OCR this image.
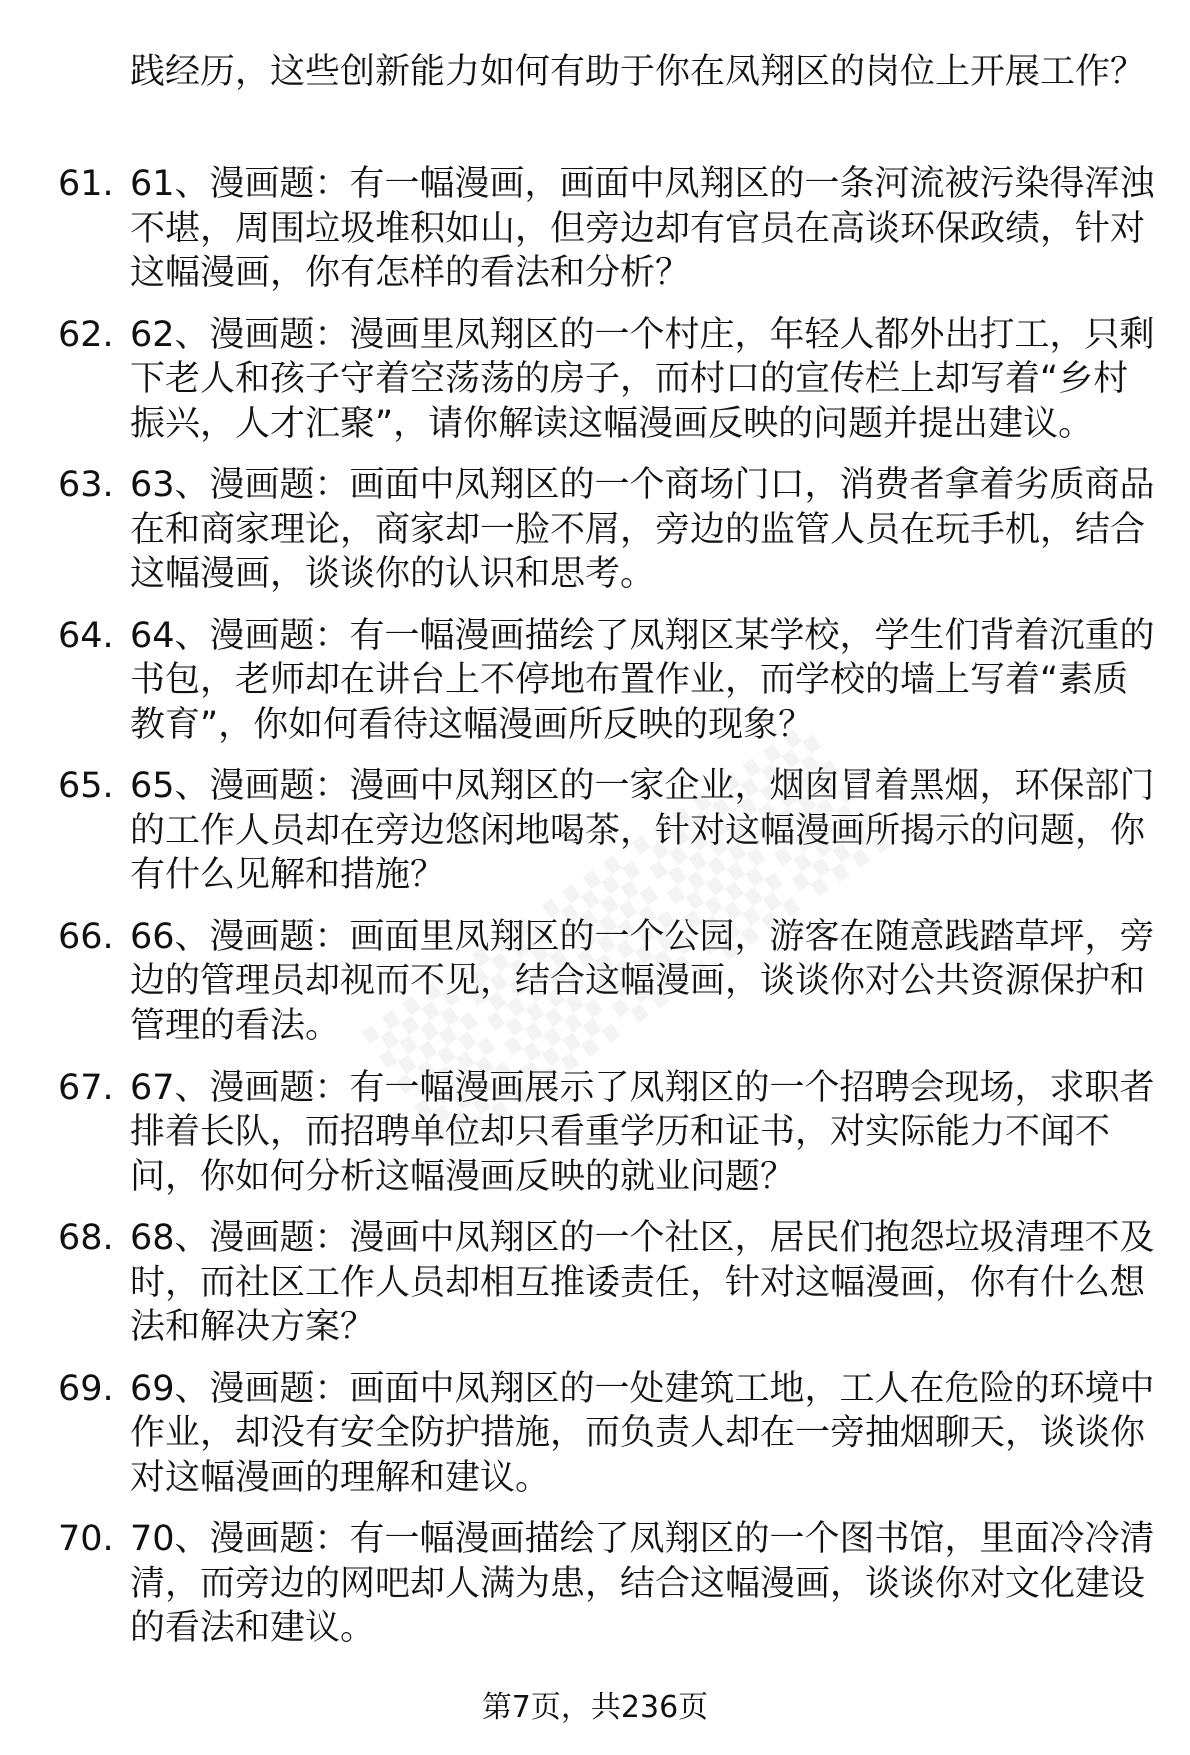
践经历，这些创新能力如何有助于你在凤翔区的岗位上开展工作？
61. 61、漫画题：有一幅漫画，画面中凤翔区的一条河流被污染得浑浊不堪，周围垃圾堆积如山，但旁边却有官员在高谈环保政绩，针对这幅漫画，你有怎样的看法和分析？
62. 62、漫画题：漫画里凤翔区的一个村庄，年轻人都外出打工，只剩下老人和孩子守着空荡荡的房子，而村口的宣传栏上却写着“乡村振兴，人才汇聚”，请你解读这幅漫画反映的问题并提出建议。
63. 63、漫画题：画面中凤翔区的一个商场门口，消费者拿着劣质商品在和商家理论，商家却一脸不屑，旁边的监管人员在玩手机，结合这幅漫画，谈谈你的认识和思考。
64. 64、漫画题：有一幅漫画描绘了凤翔区某学校，学生们背着沉重的书包，老师却在讲台上不停地布置作业，而学校的墙上写着“素质教育”，你如何看待这幅漫画所反映的现象？
65. 65、漫画题：漫画中凤翔区的一家企业，烟囱冒着黑烟，环保部门的工作人员却在旁边悠闲地喝茶，针对这幅漫画所揭示的问题，你有什么见解和措施？
66. 66、漫画题：画面里凤翔区的一个公园，游客在随意践踏草坪，旁边的管理员却视而不见，结合这幅漫画，谈谈你对公共资源保护和管理的看法。
67. 67、漫画题：有一幅漫画展示了凤翔区的一个招聘会现场，求职者排着长队，而招聘单位却只看重学历和证书，对实际能力不闻不问，你如何分析这幅漫画反映的就业问题？
68. 68、漫画题：漫画中凤翔区的一个社区，居民们抱怨垃圾清理不及时，而社区工作人员却相互推诿责任，针对这幅漫画，你有什么想法和解决方案？
69. 69、漫画题：画面中凤翔区的一处建筑工地，工人在危险的环境中作业，却没有安全防护措施，而负责人却在一旁抽烟聊天，谈谈你对这幅漫画的理解和建议。
70. 70、漫画题：有一幅漫画描绘了凤翔区的一个图书馆，里面冷冷清清，而旁边的网吧却人满为患，结合这幅漫画，谈谈你对文化建设的看法和建议。
第7页，共236页
